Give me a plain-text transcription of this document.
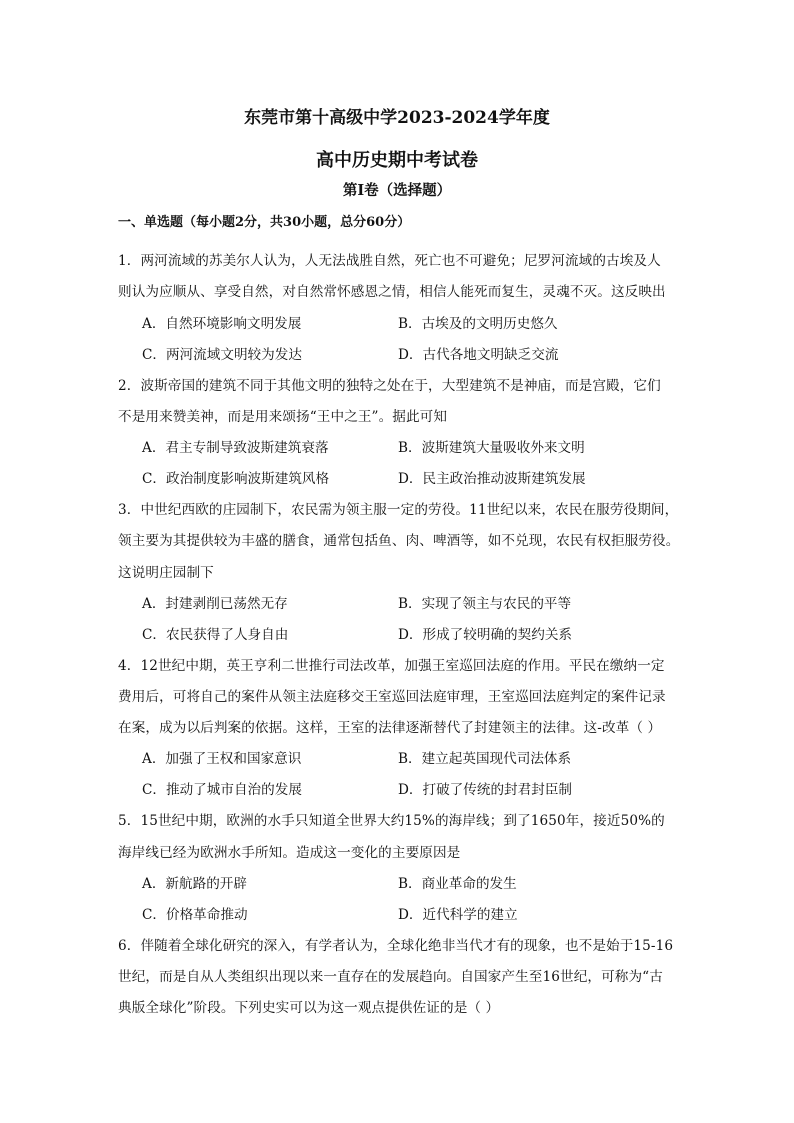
东莞市第十高级中学2023-2024学年度
高中历史期中考试卷
第Ⅰ卷（选择题）
一、单选题（每小题2分，共30小题，总分60分）
1．两河流域的苏美尔人认为，人无法战胜自然，死亡也不可避免；尼罗河流域的古埃及人
则认为应顺从、享受自然，对自然常怀感恩之情，相信人能死而复生，灵魂不灭。这反映出
A．自然环境影响文明发展	B．古埃及的文明历史悠久
C．两河流域文明较为发达	D．古代各地文明缺乏交流
2．波斯帝国的建筑不同于其他文明的独特之处在于，大型建筑不是神庙，而是宫殿，它们
不是用来赞美神，而是用来颂扬“王中之王”。据此可知
A．君主专制导致波斯建筑衰落	B．波斯建筑大量吸收外来文明
C．政治制度影响波斯建筑风格	D．民主政治推动波斯建筑发展
3．中世纪西欧的庄园制下，农民需为领主服一定的劳役。11世纪以来，农民在服劳役期间，
领主要为其提供较为丰盛的膳食，通常包括鱼、肉、啤酒等，如不兑现，农民有权拒服劳役。
这说明庄园制下
A．封建剥削已荡然无存	B．实现了领主与农民的平等
C．农民获得了人身自由	D．形成了较明确的契约关系
4．12世纪中期，英王亨利二世推行司法改革，加强王室巡回法庭的作用。平民在缴纳一定
费用后，可将自己的案件从领主法庭移交王室巡回法庭审理，王室巡回法庭判定的案件记录
在案，成为以后判案的依据。这样，王室的法律逐渐替代了封建领主的法律。这-改革（ ）
A．加强了王权和国家意识	B．建立起英国现代司法体系
C．推动了城市自治的发展	D．打破了传统的封君封臣制
5．15世纪中期，欧洲的水手只知道全世界大约15%的海岸线；到了1650年，接近50%的
海岸线已经为欧洲水手所知。造成这一变化的主要原因是
A．新航路的开辟	B．商业革命的发生
C．价格革命推动	D．近代科学的建立
6．伴随着全球化研究的深入，有学者认为，全球化绝非当代才有的现象，也不是始于15-16
世纪，而是自从人类组织出现以来一直存在的发展趋向。自国家产生至16世纪，可称为“古
典版全球化”阶段。下列史实可以为这一观点提供佐证的是（ ）
